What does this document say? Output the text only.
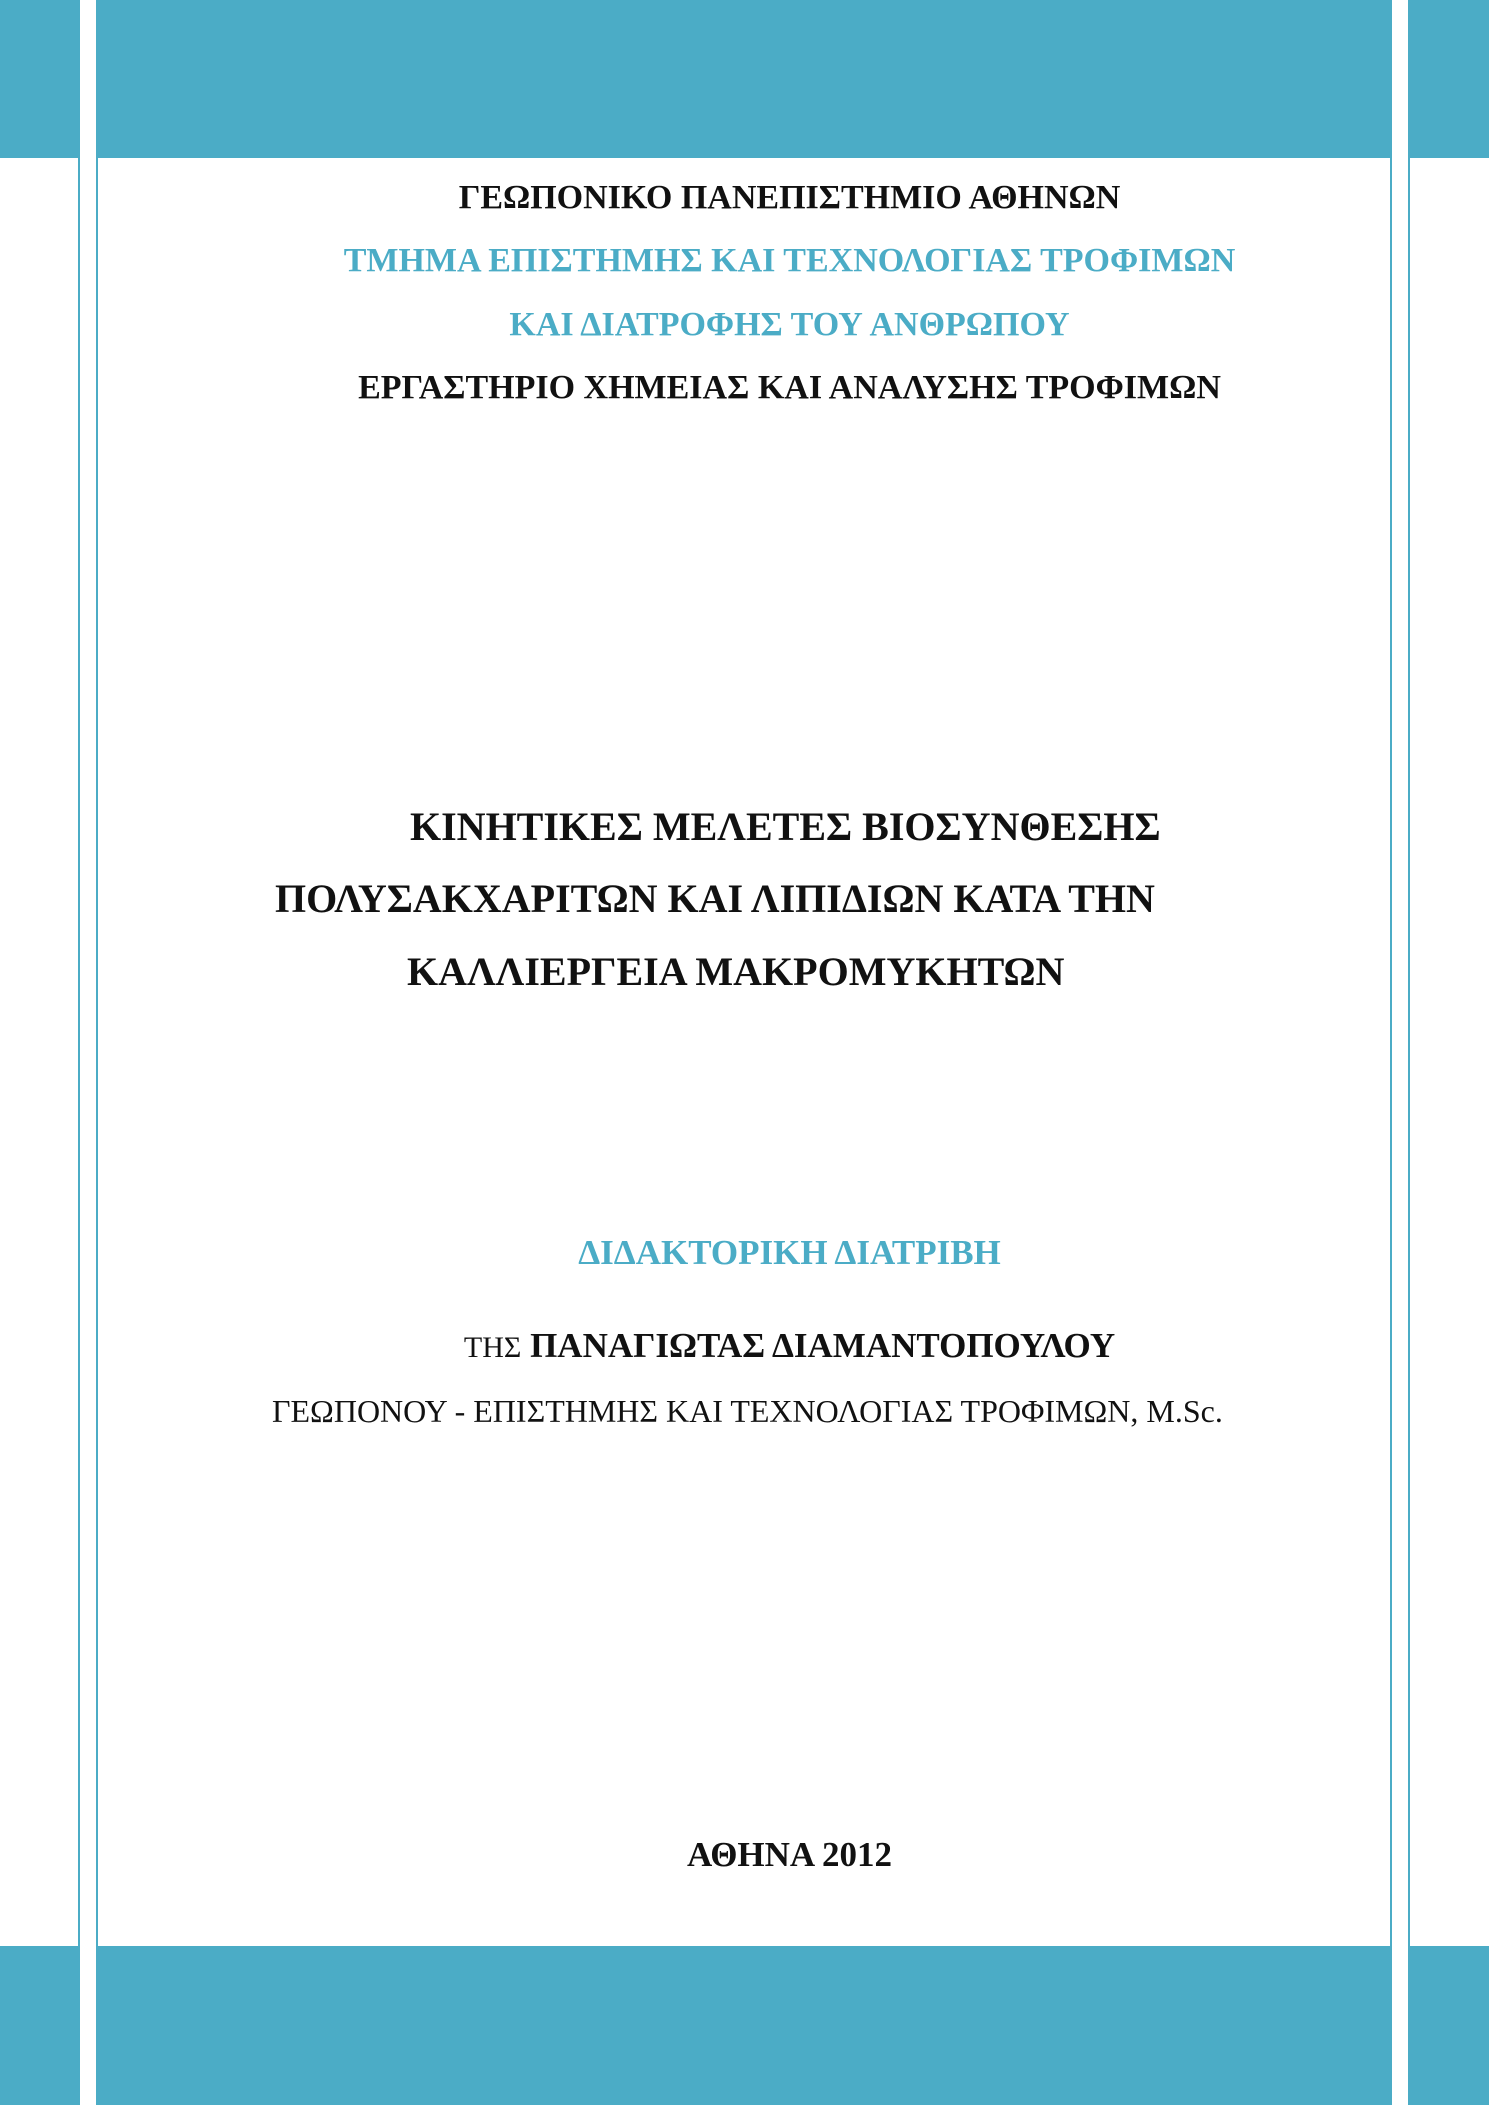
ΓΕΩΠΟΝΙΚΟ ΠΑΝΕΠΙΣΤΗΜΙΟ ΑΘΗΝΩΝ

ΤΜΗΜΑ ΕΠΙΣΤΗΜΗΣ ΚΑΙ ΤΕΧΝΟΛΟΓΙΑΣ ΤΡΟΦΙΜΩΝ

ΚΑΙ ΔΙΑΤΡΟΦΗΣ ΤΟΥ ΑΝΘΡΩΠΟΥ

ΕΡΓΑΣΤΗΡΙΟ ΧΗΜΕΙΑΣ ΚΑΙ ΑΝΑΛΥΣΗΣ ΤΡΟΦΙΜΩΝ

ΚΙΝΗΤΙΚΕΣ ΜΕΛΕΤΕΣ ΒΙΟΣΥΝΘΕΣΗΣ

ΠΟΛΥΣΑΚΧΑΡΙΤΩΝ ΚΑΙ ΛΙΠΙΔΙΩΝ ΚΑΤΑ ΤΗΝ

ΚΑΛΛΙΕΡΓΕΙΑ ΜΑΚΡΟΜΥΚΗΤΩΝ

ΔΙΔΑΚΤΟΡΙΚΗ ΔΙΑΤΡΙΒΗ

ΤΗΣ ΠΑΝΑΓΙΩΤΑΣ ΔΙΑΜΑΝΤΟΠΟΥΛΟΥ

ΓΕΩΠΟΝΟΥ - ΕΠΙΣΤΗΜΗΣ ΚΑΙ ΤΕΧΝΟΛΟΓΙΑΣ ΤΡΟΦΙΜΩΝ, M.Sc.

ΑΘΗΝΑ 2012
